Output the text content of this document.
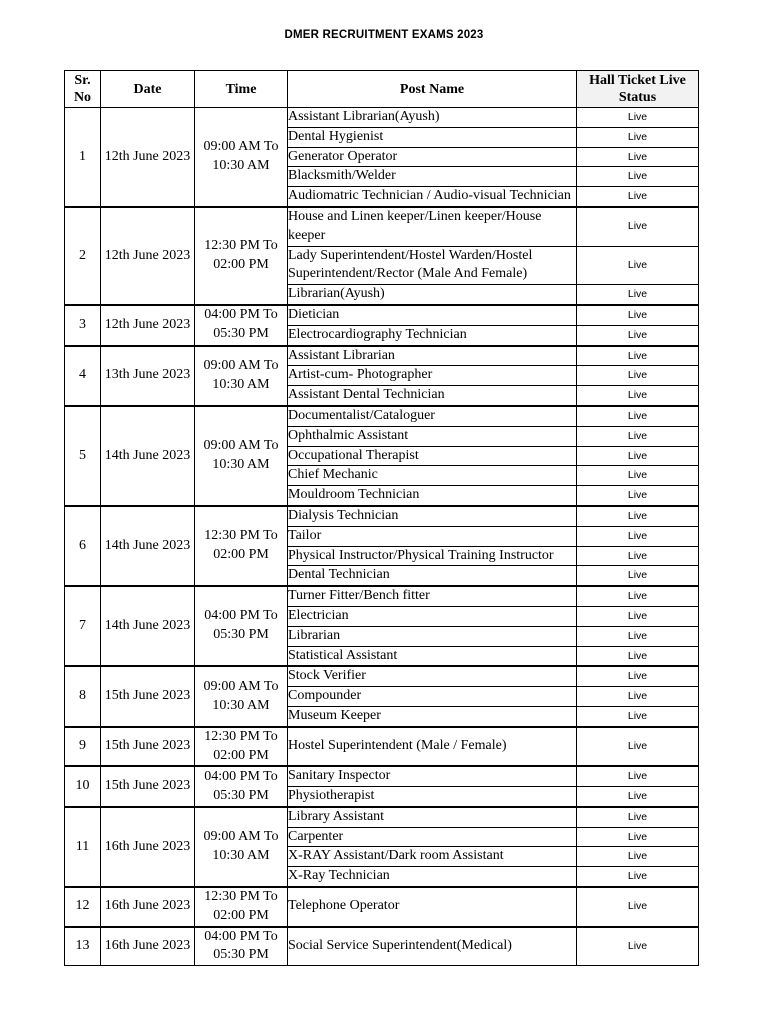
DMER RECRUITMENT EXAMS 2023
Sr. No	Date	Time	Post Name	Hall Ticket Live Status
1	12th June 2023	09:00 AM To 10:30 AM	Assistant Librarian(Ayush)	Live
			Dental Hygienist	Live
			Generator Operator	Live
			Blacksmith/Welder	Live
			Audiomatric Technician / Audio-visual Technician	Live
2	12th June 2023	12:30 PM To 02:00 PM	House and Linen keeper/Linen keeper/House keeper	Live
			Lady Superintendent/Hostel Warden/Hostel Superintendent/Rector (Male And Female)	Live
			Librarian(Ayush)	Live
3	12th June 2023	04:00 PM To 05:30 PM	Dietician	Live
			Electrocardiography Technician	Live
4	13th June 2023	09:00 AM To 10:30 AM	Assistant Librarian	Live
			Artist-cum- Photographer	Live
			Assistant Dental Technician	Live
5	14th June 2023	09:00 AM To 10:30 AM	Documentalist/Cataloguer	Live
			Ophthalmic Assistant	Live
			Occupational Therapist	Live
			Chief Mechanic	Live
			Mouldroom Technician	Live
6	14th June 2023	12:30 PM To 02:00 PM	Dialysis Technician	Live
			Tailor	Live
			Physical Instructor/Physical Training Instructor	Live
			Dental Technician	Live
7	14th June 2023	04:00 PM To 05:30 PM	Turner Fitter/Bench fitter	Live
			Electrician	Live
			Librarian	Live
			Statistical Assistant	Live
8	15th June 2023	09:00 AM To 10:30 AM	Stock Verifier	Live
			Compounder	Live
			Museum Keeper	Live
9	15th June 2023	12:30 PM To 02:00 PM	Hostel Superintendent (Male / Female)	Live
10	15th June 2023	04:00 PM To 05:30 PM	Sanitary Inspector	Live
			Physiotherapist	Live
11	16th June 2023	09:00 AM To 10:30 AM	Library Assistant	Live
			Carpenter	Live
			X-RAY Assistant/Dark room Assistant	Live
			X-Ray Technician	Live
12	16th June 2023	12:30 PM To 02:00 PM	Telephone Operator	Live
13	16th June 2023	04:00 PM To 05:30 PM	Social Service Superintendent(Medical)	Live
